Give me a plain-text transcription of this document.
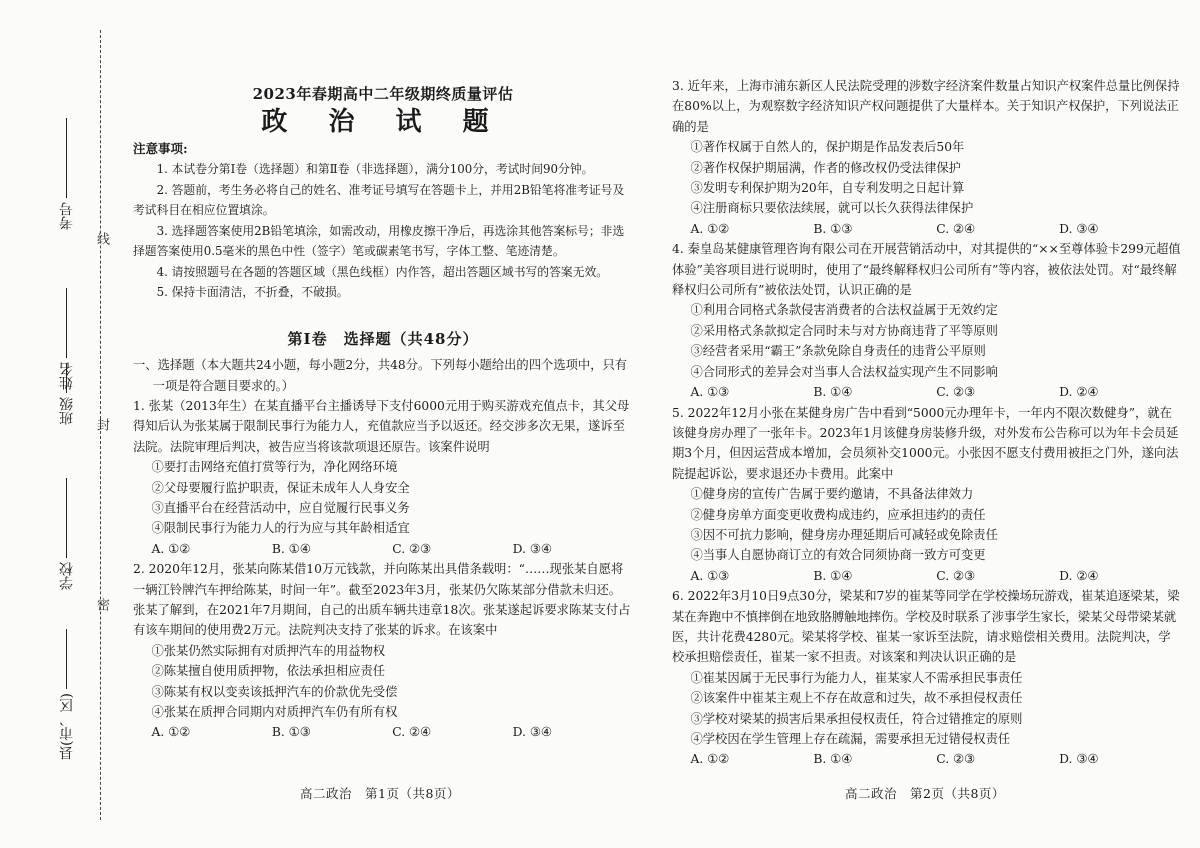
考号
姓名
学校
县(市、区)
班级
线
封
密
2023年春期高中二年级期终质量评估
政 治 试 题
注意事项:
1. 本试卷分第Ⅰ卷（选择题）和第Ⅱ卷（非选择题），满分100分，考试时间90分钟。
2. 答题前，考生务必将自己的姓名、准考证号填写在答题卡上，并用2B铅笔将准考证号及考试科目在相应位置填涂。
3. 选择题答案使用2B铅笔填涂，如需改动，用橡皮擦干净后，再选涂其他答案标号；非选择题答案使用0.5毫米的黑色中性（签字）笔或碳素笔书写，字体工整、笔迹清楚。
4. 请按照题号在各题的答题区域（黑色线框）内作答，超出答题区域书写的答案无效。
5. 保持卡面清洁，不折叠，不破损。
第Ⅰ卷　选择题（共48分）
一、选择题（本大题共24小题，每小题2分，共48分。下列每小题给出的四个选项中，只有一项是符合题目要求的。）
1. 张某（2013年生）在某直播平台主播诱导下支付6000元用于购买游戏充值点卡，其父母得知后认为张某属于限制民事行为能力人，充值款应当予以返还。经交涉多次无果，遂诉至法院。法院审理后判决，被告应当将该款项退还原告。该案件说明
①要打击网络充值打赏等行为，净化网络环境
②父母要履行监护职责，保证未成年人人身安全
③直播平台在经营活动中，应自觉履行民事义务
④限制民事行为能力人的行为应与其年龄相适宜
A. ①②	B. ①④	C. ②③	D. ③④
2. 2020年12月，张某向陈某借10万元钱款，并向陈某出具借条载明：“……现张某自愿将一辆江铃牌汽车押给陈某，时间一年”。截至2023年3月，张某仍欠陈某部分借款未归还。张某了解到，在2021年7月期间，自己的出质车辆共违章18次。张某遂起诉要求陈某支付占有该车期间的使用费2万元。法院判决支持了张某的诉求。在该案中
①张某仍然实际拥有对质押汽车的用益物权
②陈某擅自使用质押物，依法承担相应责任
③陈某有权以变卖该抵押汽车的价款优先受偿
④张某在质押合同期内对质押汽车仍有所有权
A. ①②	B. ①③	C. ②④	D. ③④
高二政治　第1页（共8页）
3. 近年来，上海市浦东新区人民法院受理的涉数字经济案件数量占知识产权案件总量比例保持在80%以上，为观察数字经济知识产权问题提供了大量样本。关于知识产权保护，下列说法正确的是
①著作权属于自然人的，保护期是作品发表后50年
②著作权保护期届满，作者的修改权仍受法律保护
③发明专利保护期为20年，自专利发明之日起计算
④注册商标只要依法续展，就可以长久获得法律保护
A. ①②	B. ①③	C. ②④	D. ③④
4. 秦皇岛某健康管理咨询有限公司在开展营销活动中，对其提供的“××至尊体验卡299元超值体验”美容项目进行说明时，使用了“最终解释权归公司所有”等内容，被依法处罚。对“最终解释权归公司所有”被依法处罚，认识正确的是
①利用合同格式条款侵害消费者的合法权益属于无效约定
②采用格式条款拟定合同时未与对方协商违背了平等原则
③经营者采用“霸王”条款免除自身责任的违背公平原则
④合同形式的差异会对当事人合法权益实现产生不同影响
A. ①③	B. ①④	C. ②③	D. ②④
5. 2022年12月小张在某健身房广告中看到“5000元办理年卡，一年内不限次数健身”，就在该健身房办理了一张年卡。2023年1月该健身房装修升级，对外发布公告称可以为年卡会员延期3个月，但因运营成本增加，会员须补交1000元。小张因不愿支付费用被拒之门外，遂向法院提起诉讼，要求退还办卡费用。此案中
①健身房的宣传广告属于要约邀请，不具备法律效力
②健身房单方面变更收费构成违约，应承担违约的责任
③因不可抗力影响，健身房办理延期后可减轻或免除责任
④当事人自愿协商订立的有效合同须协商一致方可变更
A. ①③	B. ①④	C. ②③	D. ②④
6. 2022年3月10日9点30分，梁某和7岁的崔某等同学在学校操场玩游戏，崔某追逐梁某，梁某在奔跑中不慎摔倒在地致胳膊触地摔伤。学校及时联系了涉事学生家长，梁某父母带梁某就医，共计花费4280元。梁某将学校、崔某一家诉至法院，请求赔偿相关费用。法院判决，学校承担赔偿责任，崔某一家不担责。对该案和判决认识正确的是
①崔某因属于无民事行为能力人，崔某家人不需承担民事责任
②该案件中崔某主观上不存在故意和过失，故不承担侵权责任
③学校对梁某的损害后果承担侵权责任，符合过错推定的原则
④学校因在学生管理上存在疏漏，需要承担无过错侵权责任
A. ①②	B. ①④	C. ②③	D. ③④
高二政治　第2页（共8页）
